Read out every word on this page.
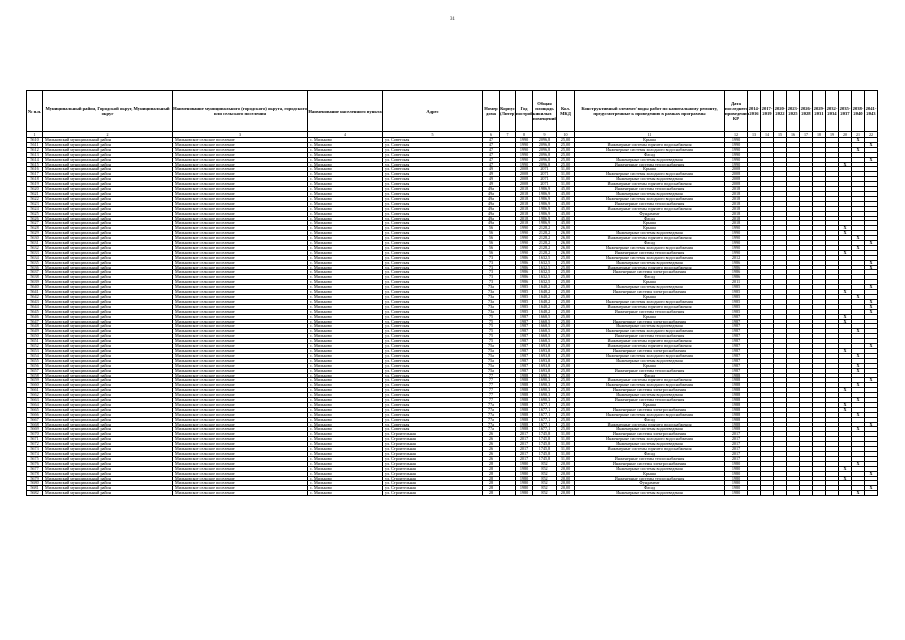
31
№ п.п.	Муниципальный район, Городской округ, Муниципальный округ	Наименование муниципального (городского) округа, городского или сельского поселения	Наименование населенного пункта	Адрес	Номер дома	Корпус (Литер)	Год постройки	Общая площадь жилых помещений	Кол. МКД	Конструктивный элемент/ виды работ по капитальному ремонту, предусмотренные к проведению в рамках программы	Дата последнего проведения КР	2014-2016	2017-2019	2020-2022	2023-2025	2026-2028	2029-2031	2032-2034	2035-2037	2038-2040	2041-2043
1	2	3	4	5	6	7	8	9	10	11	12	13	14	15	16	17	18	19	20	21	22
5610	Мильковский муниципальный район	Мильковское сельское поселение	с. Мильково	ул. Советская	47		1990	2096,8	25,00	Крыша	1990									X	
5611	Мильковский муниципальный район	Мильковское сельское поселение	с. Мильково	ул. Советская	47		1990	2096,8	25,00	Инженерные системы горячего водоснабжения	1990										X
5612	Мильковский муниципальный район	Мильковское сельское поселение	с. Мильково	ул. Советская	47		1990	2096,8	25,00	Инженерные системы холодного водоснабжения	1990									X	
5613	Мильковский муниципальный район	Мильковское сельское поселение	с. Мильково	ул. Советская	47		1990	2096,8	25,00	Фасад	1990										
5614	Мильковский муниципальный район	Мильковское сельское поселение	с. Мильково	ул. Советская	47		1990	2096,8	25,00	Инженерные системы водоотведения	1990										X
5615	Мильковский муниципальный район	Мильковское сельское поселение	с. Мильково	ул. Советская	47		1990	2096,8	25,00	Инженерные системы теплоснабжения	1990								X		
5616	Мильковский муниципальный район	Мильковское сельское поселение	с. Мильково	ул. Советская	49		2008	2071	31,00	Крыша	2008										
5617	Мильковский муниципальный район	Мильковское сельское поселение	с. Мильково	ул. Советская	49		2008	2071	31,00	Инженерные системы холодного водоснабжения	2008										
5618	Мильковский муниципальный район	Мильковское сельское поселение	с. Мильково	ул. Советская	49		2008	2071	31,00	Инженерные системы водоотведения	2008										
5619	Мильковский муниципальный район	Мильковское сельское поселение	с. Мильково	ул. Советская	49		2008	2071	31,00	Инженерные системы горячего водоснабжения	2008										
5620	Мильковский муниципальный район	Мильковское сельское поселение	с. Мильково	ул. Советская	49а		2018	1986,9	45,00	Инженерные системы теплоснабжения	2018										
5621	Мильковский муниципальный район	Мильковское сельское поселение	с. Мильково	ул. Советская	49а		2018	1986,9	45,00	Инженерные системы водоотведения	2018										
5622	Мильковский муниципальный район	Мильковское сельское поселение	с. Мильково	ул. Советская	49а		2018	1986,9	45,00	Инженерные системы холодного водоснабжения	2018										
5623	Мильковский муниципальный район	Мильковское сельское поселение	с. Мильково	ул. Советская	49а		2018	1986,9	45,00	Инженерные системы теплоснабжения	2018										
5624	Мильковский муниципальный район	Мильковское сельское поселение	с. Мильково	ул. Советская	49а		2018	1986,9	45,00	Инженерные системы горячего водоснабжения	2018										
5625	Мильковский муниципальный район	Мильковское сельское поселение	с. Мильково	ул. Советская	49а		2018	1986,9	45,00	Фундамент	2018										
5626	Мильковский муниципальный район	Мильковское сельское поселение	с. Мильково	ул. Советская	49а		2018	1986,9	45,00	Фасад	2018										
5627	Мильковский муниципальный район	Мильковское сельское поселение	с. Мильково	ул. Советская	49а		2018	1986,9	45,00	Крыша	2018										
5628	Мильковский муниципальный район	Мильковское сельское поселение	с. Мильково	ул. Советская	56		1990	2128,2	26,00	Крыша	1990								X		
5629	Мильковский муниципальный район	Мильковское сельское поселение	с. Мильково	ул. Советская	56		1990	2128,2	26,00	Инженерные системы водоотведения	1990								X		
5630	Мильковский муниципальный район	Мильковское сельское поселение	с. Мильково	ул. Советская	56		1990	2128,2	26,00	Инженерные системы горячего водоснабжения	1990									X	
5631	Мильковский муниципальный район	Мильковское сельское поселение	с. Мильково	ул. Советская	56		1990	2128,2	26,00	Фасад	1990										X
5632	Мильковский муниципальный район	Мильковское сельское поселение	с. Мильково	ул. Советская	56		1990	2128,2	26,00	Инженерные системы холодного водоснабжения	1990									X	
5633	Мильковский муниципальный район	Мильковское сельское поселение	с. Мильково	ул. Советская	56		1990	2128,2	26,00	Инженерные системы теплоснабжения	1990								X		
5634	Мильковский муниципальный район	Мильковское сельское поселение	с. Мильково	ул. Советская	73		1986	1632,5	25,00	Инженерные системы холодного водоснабжения	2012										
5635	Мильковский муниципальный район	Мильковское сельское поселение	с. Мильково	ул. Советская	73		1986	1632,5	25,00	Инженерные системы водоотведения	1986										X
5636	Мильковский муниципальный район	Мильковское сельское поселение	с. Мильково	ул. Советская	73		1986	1632,5	25,00	Инженерные системы горячего водоснабжения	1986										X
5637	Мильковский муниципальный район	Мильковское сельское поселение	с. Мильково	ул. Советская	73		1986	1632,5	25,00	Инженерные системы электроснабжения	1986										
5638	Мильковский муниципальный район	Мильковское сельское поселение	с. Мильково	ул. Советская	73		1986	1632,5	25,00	Фасад	1986										
5639	Мильковский муниципальный район	Мильковское сельское поселение	с. Мильково	ул. Советская	73		1986	1632,5	25,00	Крыша	2011										
5640	Мильковский муниципальный район	Мильковское сельское поселение	с. Мильково	ул. Советская	73а		1985	1648,2	25,00	Инженерные системы водоотведения	1985										X
5641	Мильковский муниципальный район	Мильковское сельское поселение	с. Мильково	ул. Советская	73а		1985	1648,2	25,00	Инженерные системы электроснабжения	1985								X		
5642	Мильковский муниципальный район	Мильковское сельское поселение	с. Мильково	ул. Советская	73а		1985	1648,2	25,00	Крыша	1985									X	
5643	Мильковский муниципальный район	Мильковское сельское поселение	с. Мильково	ул. Советская	73а		1985	1648,2	25,00	Инженерные системы холодного водоснабжения	1985										X
5644	Мильковский муниципальный район	Мильковское сельское поселение	с. Мильково	ул. Советская	73а		1985	1648,2	25,00	Инженерные системы горячего водоснабжения	1985										X
5645	Мильковский муниципальный район	Мильковское сельское поселение	с. Мильково	ул. Советская	73а		1985	1648,2	25,00	Инженерные системы теплоснабжения	1985										X
5646	Мильковский муниципальный район	Мильковское сельское поселение	с. Мильково	ул. Советская	75		1987	1668,5	25,00	Крыша	1987								X		
5647	Мильковский муниципальный район	Мильковское сельское поселение	с. Мильково	ул. Советская	75		1987	1668,5	25,00	Инженерные системы электроснабжения	1987								X		
5648	Мильковский муниципальный район	Мильковское сельское поселение	с. Мильково	ул. Советская	75		1987	1668,5	25,00	Инженерные системы водоотведения	1987										
5649	Мильковский муниципальный район	Мильковское сельское поселение	с. Мильково	ул. Советская	75		1987	1668,5	25,00	Инженерные системы холодного водоснабжения	1987									X	
5650	Мильковский муниципальный район	Мильковское сельское поселение	с. Мильково	ул. Советская	75		1987	1668,5	25,00	Инженерные системы теплоснабжения	1987										
5651	Мильковский муниципальный район	Мильковское сельское поселение	с. Мильково	ул. Советская	75		1987	1668,5	25,00	Инженерные системы горячего водоснабжения	1987										
5652	Мильковский муниципальный район	Мильковское сельское поселение	с. Мильково	ул. Советская	75а		1987	1693,8	25,00	Инженерные системы горячего водоснабжения	1987										X
5653	Мильковский муниципальный район	Мильковское сельское поселение	с. Мильково	ул. Советская	75а		1987	1693,8	25,00	Инженерные системы электроснабжения	1987								X		
5654	Мильковский муниципальный район	Мильковское сельское поселение	с. Мильково	ул. Советская	75а		1987	1693,8	25,00	Инженерные системы холодного водоснабжения	1987									X	
5655	Мильковский муниципальный район	Мильковское сельское поселение	с. Мильково	ул. Советская	75а		1987	1693,8	25,00	Инженерные системы водоотведения	1987										
5656	Мильковский муниципальный район	Мильковское сельское поселение	с. Мильково	ул. Советская	75а		1987	1693,8	25,00	Крыша	1987									X	
5657	Мильковский муниципальный район	Мильковское сельское поселение	с. Мильково	ул. Советская	75а		1987	1693,8	25,00	Инженерные системы теплоснабжения	1987									X	
5658	Мильковский муниципальный район	Мильковское сельское поселение	с. Мильково	ул. Советская	77		1988	1690,3	25,00	Фасад	1988										
5659	Мильковский муниципальный район	Мильковское сельское поселение	с. Мильково	ул. Советская	77		1988	1690,3	25,00	Инженерные системы горячего водоснабжения	1988										X
5660	Мильковский муниципальный район	Мильковское сельское поселение	с. Мильково	ул. Советская	77		1988	1690,3	25,00	Инженерные системы холодного водоснабжения	1988									X	
5661	Мильковский муниципальный район	Мильковское сельское поселение	с. Мильково	ул. Советская	77		1988	1690,3	25,00	Инженерные системы электроснабжения	1988								X		
5662	Мильковский муниципальный район	Мильковское сельское поселение	с. Мильково	ул. Советская	77		1988	1690,3	25,00	Инженерные системы водоотведения	1988										
5663	Мильковский муниципальный район	Мильковское сельское поселение	с. Мильково	ул. Советская	77		1988	1690,3	25,00	Инженерные системы теплоснабжения	1988									X	
5664	Мильковский муниципальный район	Мильковское сельское поселение	с. Мильково	ул. Советская	77а		1988	1677,1	25,00	Крыша	1988								X		
5665	Мильковский муниципальный район	Мильковское сельское поселение	с. Мильково	ул. Советская	77а		1988	1677,1	25,00	Инженерные системы электроснабжения	1988								X		
5666	Мильковский муниципальный район	Мильковское сельское поселение	с. Мильково	ул. Советская	77а		1988	1677,1	25,00	Инженерные системы холодного водоснабжения	1988									X	
5667	Мильковский муниципальный район	Мильковское сельское поселение	с. Мильково	ул. Советская	77а		1988	1677,1	25,00	Фасад	1988										
5668	Мильковский муниципальный район	Мильковское сельское поселение	с. Мильково	ул. Советская	77а		1988	1677,1	25,00	Инженерные системы горячего водоснабжения	1988										X
5669	Мильковский муниципальный район	Мильковское сельское поселение	с. Мильково	ул. Советская	77а		1988	1677,1	25,00	Инженерные системы водоотведения	1988									X	
5670	Мильковский муниципальный район	Мильковское сельское поселение	с. Мильково	ул. Строительная	26		2017	1745,8	31,00	Инженерные системы электроснабжения	2017										
5671	Мильковский муниципальный район	Мильковское сельское поселение	с. Мильково	ул. Строительная	26		2017	1745,8	31,00	Инженерные системы холодного водоснабжения	2017										
5672	Мильковский муниципальный район	Мильковское сельское поселение	с. Мильково	ул. Строительная	26		2017	1745,8	31,00	Инженерные системы водоотведения	2017										
5673	Мильковский муниципальный район	Мильковское сельское поселение	с. Мильково	ул. Строительная	26		2017	1745,8	31,00	Инженерные системы горячего водоснабжения	2017										
5674	Мильковский муниципальный район	Мильковское сельское поселение	с. Мильково	ул. Строительная	26		2017	1745,8	31,00	Фасад	2017										
5675	Мильковский муниципальный район	Мильковское сельское поселение	с. Мильково	ул. Строительная	26		2017	1745,8	31,00	Инженерные системы теплоснабжения	2017										
5676	Мильковский муниципальный район	Мильковское сельское поселение	с. Мильково	ул. Строительная	28		1980	852	20,00	Инженерные системы электроснабжения	1980									X	
5677	Мильковский муниципальный район	Мильковское сельское поселение	с. Мильково	ул. Строительная	28		1980	852	20,00	Инженерные системы водоотведения	1980								X		
5678	Мильковский муниципальный район	Мильковское сельское поселение	с. Мильково	ул. Строительная	28		1980	852	20,00	Крыша	1980										X
5679	Мильковский муниципальный район	Мильковское сельское поселение	с. Мильково	ул. Строительная	28		1980	852	20,00	Инженерные системы теплоснабжения	1980								X		
5680	Мильковский муниципальный район	Мильковское сельское поселение	с. Мильково	ул. Строительная	28		1980	852	20,00	Фундамент	1980										
5681	Мильковский муниципальный район	Мильковское сельское поселение	с. Мильково	ул. Строительная	28		1980	852	20,00	Фасад	1980										X
5682	Мильковский муниципальный район	Мильковское сельское поселение	с. Мильково	ул. Строительная	28		1980	852	20,00	Инженерные системы водоотведения	1980									X	
